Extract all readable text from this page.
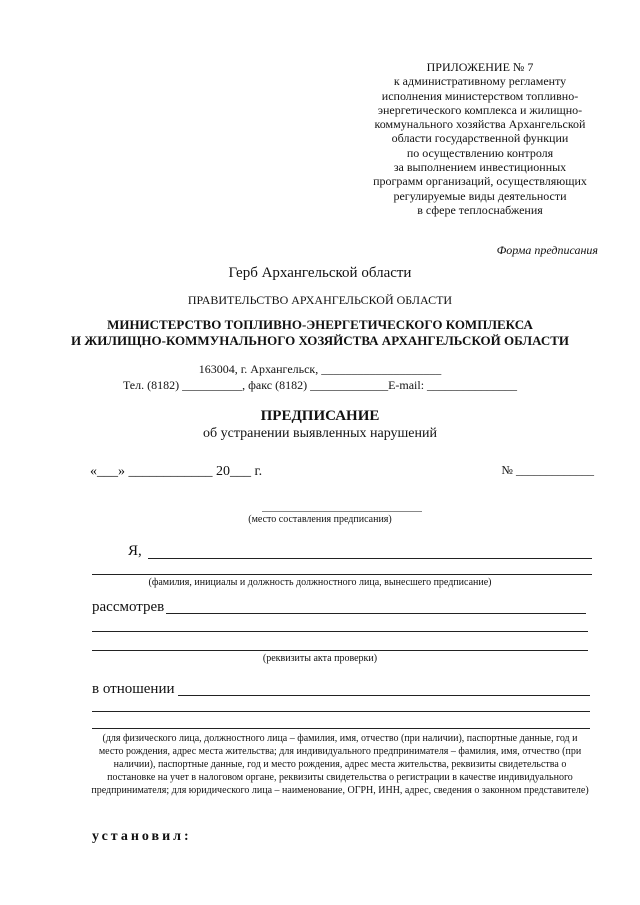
ПРИЛОЖЕНИЕ № 7
к административному регламенту
исполнения министерством топливно-
энергетического комплекса и жилищно-
коммунального хозяйства Архангельской
области государственной функции
по осуществлению контроля
за выполнением инвестиционных
программ организаций, осуществляющих
регулируемые виды деятельности
в сфере теплоснабжения
Форма предписания
Герб Архангельской области
ПРАВИТЕЛЬСТВО АРХАНГЕЛЬСКОЙ ОБЛАСТИ
МИНИСТЕРСТВО ТОПЛИВНО-ЭНЕРГЕТИЧЕСКОГО КОМПЛЕКСА
И ЖИЛИЩНО-КОММУНАЛЬНОГО ХОЗЯЙСТВА АРХАНГЕЛЬСКОЙ ОБЛАСТИ
163004, г. Архангельск, ____________________
Тел. (8182) __________, факс (8182) _____________E-mail: _______________
ПРЕДПИСАНИЕ
об устранении выявленных нарушений
«___» ____________ 20___ г.	№ _____________
(место составления предписания)
Я,
(фамилия, инициалы и должность должностного лица, вынесшего предписание)
рассмотрев
(реквизиты акта проверки)
в отношении
(для физического лица, должностного лица – фамилия, имя, отчество (при наличии), паспортные данные, год и место рождения, адрес места жительства; для индивидуального предпринимателя – фамилия, имя, отчество (при наличии), паспортные данные, год и место рождения, адрес места жительства, реквизиты свидетельства о постановке на учет в налоговом органе, реквизиты свидетельства о регистрации в качестве индивидуального предпринимателя; для юридического лица – наименование, ОГРН, ИНН, адрес, сведения о законном представителе)
установил:
